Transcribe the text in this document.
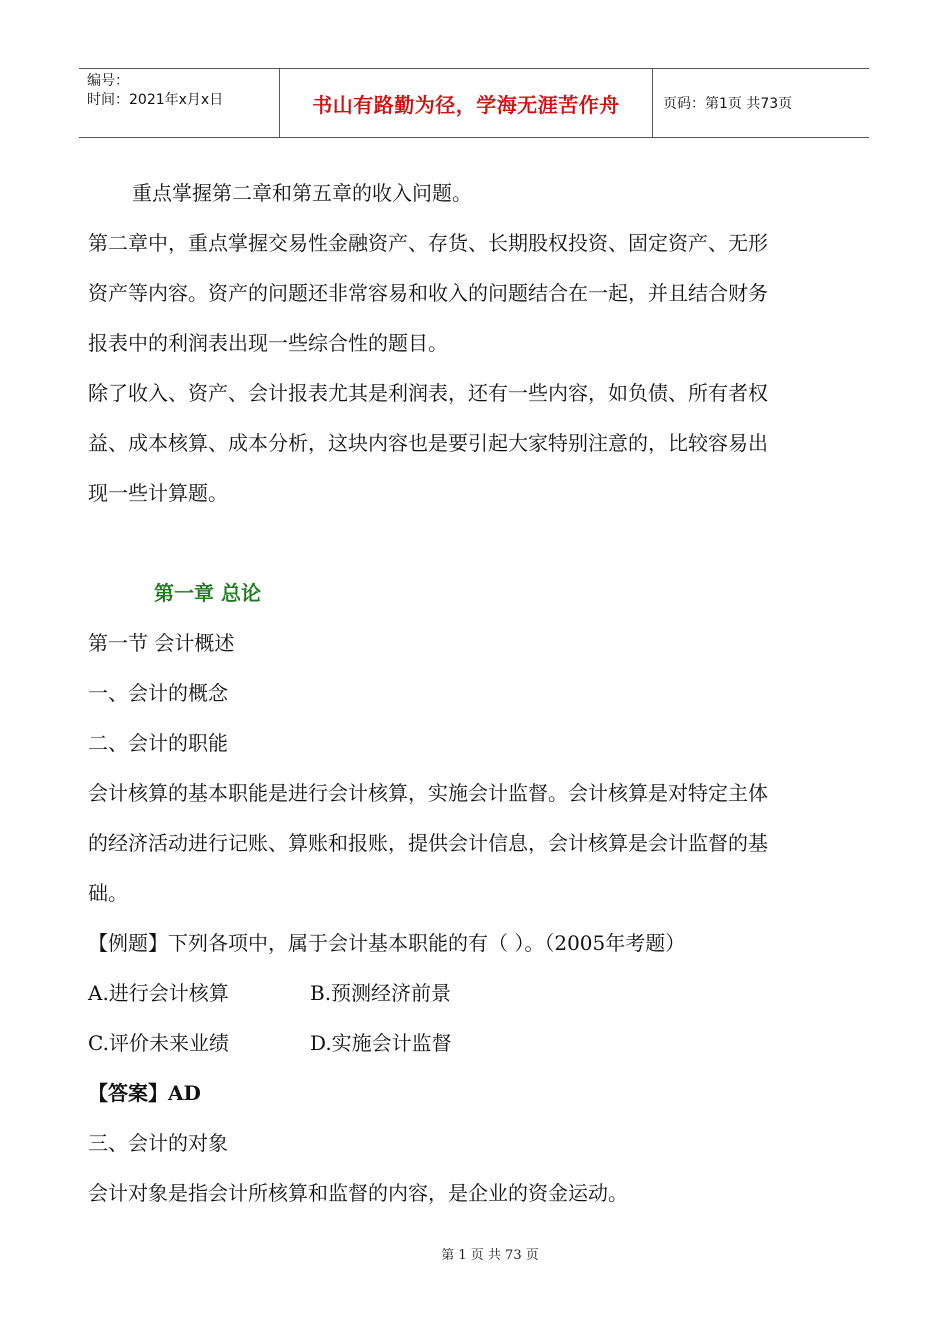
编号：
时间：2021年x月x日	书山有路勤为径，学海无涯苦作舟	页码：第1页 共73页

重点掌握第二章和第五章的收入问题。

第二章中，重点掌握交易性金融资产、存货、长期股权投资、固定资产、无形

资产等内容。资产的问题还非常容易和收入的问题结合在一起，并且结合财务

报表中的利润表出现一些综合性的题目。

除了收入、资产、会计报表尤其是利润表，还有一些内容，如负债、所有者权

益、成本核算、成本分析，这块内容也是要引起大家特别注意的，比较容易出

现一些计算题。

第一章 总论

第一节 会计概述

一、会计的概念

二、会计的职能

会计核算的基本职能是进行会计核算，实施会计监督。会计核算是对特定主体

的经济活动进行记账、算账和报账，提供会计信息，会计核算是会计监督的基

础。

【例题】下列各项中，属于会计基本职能的有（ ）。（2005年考题）

A.进行会计核算	B.预测经济前景
C.评价未来业绩	D.实施会计监督

【答案】AD

三、会计的对象

会计对象是指会计所核算和监督的内容，是企业的资金运动。

第 1 页 共 73 页
